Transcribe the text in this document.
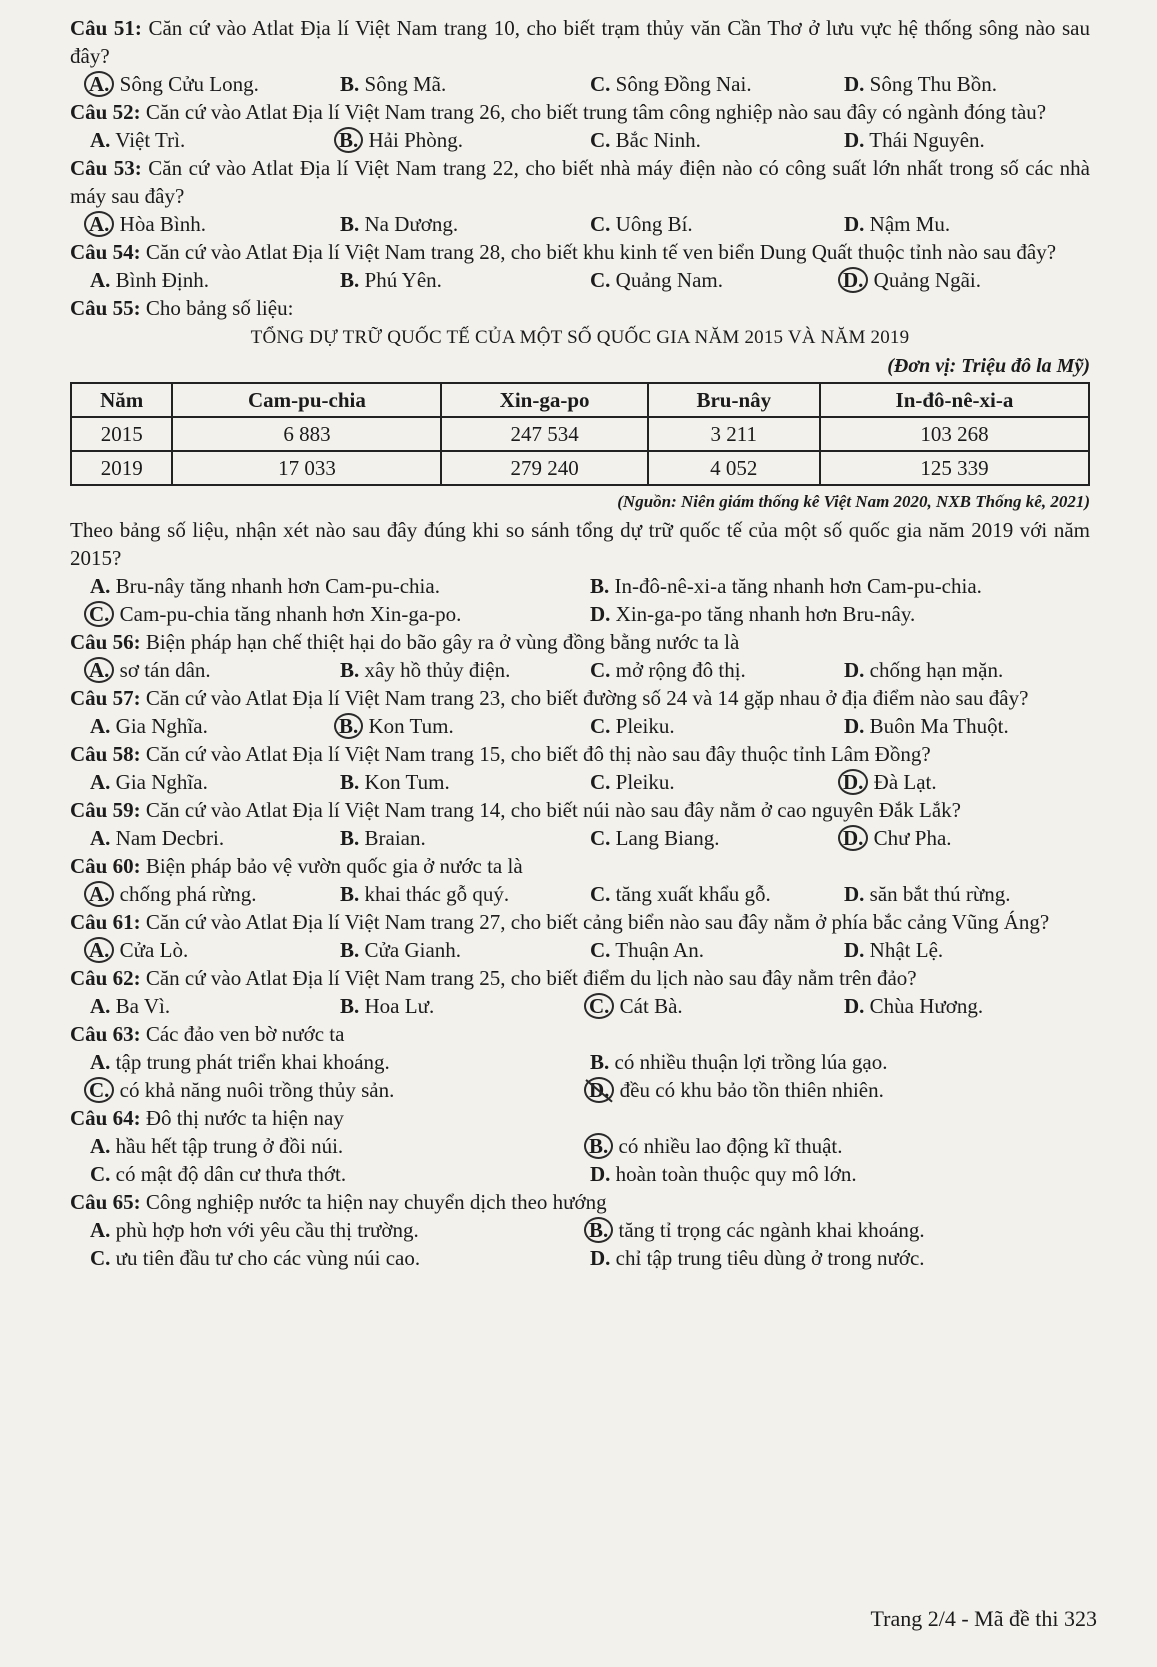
Câu 51: Căn cứ vào Atlat Địa lí Việt Nam trang 10, cho biết trạm thủy văn Cần Thơ ở lưu vực hệ thống sông nào sau đây?
A. Sông Cửu Long.	B. Sông Mã.	C. Sông Đồng Nai.	D. Sông Thu Bồn.
Câu 52: Căn cứ vào Atlat Địa lí Việt Nam trang 26, cho biết trung tâm công nghiệp nào sau đây có ngành đóng tàu?
A. Việt Trì.	B. Hải Phòng.	C. Bắc Ninh.	D. Thái Nguyên.
Câu 53: Căn cứ vào Atlat Địa lí Việt Nam trang 22, cho biết nhà máy điện nào có công suất lớn nhất trong số các nhà máy sau đây?
A. Hòa Bình.	B. Na Dương.	C. Uông Bí.	D. Nậm Mu.
Câu 54: Căn cứ vào Atlat Địa lí Việt Nam trang 28, cho biết khu kinh tế ven biển Dung Quất thuộc tỉnh nào sau đây?
A. Bình Định.	B. Phú Yên.	C. Quảng Nam.	D. Quảng Ngãi.
Câu 55: Cho bảng số liệu:
TỔNG DỰ TRỮ QUỐC TẾ CỦA MỘT SỐ QUỐC GIA NĂM 2015 VÀ NĂM 2019
(Đơn vị: Triệu đô la Mỹ)
Năm	Cam-pu-chia	Xin-ga-po	Bru-nây	In-đô-nê-xi-a
2015	6 883	247 534	3 211	103 268
2019	17 033	279 240	4 052	125 339
(Nguồn: Niên giám thống kê Việt Nam 2020, NXB Thống kê, 2021)
Theo bảng số liệu, nhận xét nào sau đây đúng khi so sánh tổng dự trữ quốc tế của một số quốc gia năm 2019 với năm 2015?
A. Bru-nây tăng nhanh hơn Cam-pu-chia.	B. In-đô-nê-xi-a tăng nhanh hơn Cam-pu-chia.
C. Cam-pu-chia tăng nhanh hơn Xin-ga-po.	D. Xin-ga-po tăng nhanh hơn Bru-nây.
Câu 56: Biện pháp hạn chế thiệt hại do bão gây ra ở vùng đồng bằng nước ta là
A. sơ tán dân.	B. xây hồ thủy điện.	C. mở rộng đô thị.	D. chống hạn mặn.
Câu 57: Căn cứ vào Atlat Địa lí Việt Nam trang 23, cho biết đường số 24 và 14 gặp nhau ở địa điểm nào sau đây?
A. Gia Nghĩa.	B. Kon Tum.	C. Pleiku.	D. Buôn Ma Thuột.
Câu 58: Căn cứ vào Atlat Địa lí Việt Nam trang 15, cho biết đô thị nào sau đây thuộc tỉnh Lâm Đồng?
A. Gia Nghĩa.	B. Kon Tum.	C. Pleiku.	D. Đà Lạt.
Câu 59: Căn cứ vào Atlat Địa lí Việt Nam trang 14, cho biết núi nào sau đây nằm ở cao nguyên Đắk Lắk?
A. Nam Decbri.	B. Braian.	C. Lang Biang.	D. Chư Pha.
Câu 60: Biện pháp bảo vệ vườn quốc gia ở nước ta là
A. chống phá rừng.	B. khai thác gỗ quý.	C. tăng xuất khẩu gỗ.	D. săn bắt thú rừng.
Câu 61: Căn cứ vào Atlat Địa lí Việt Nam trang 27, cho biết cảng biển nào sau đây nằm ở phía bắc cảng Vũng Áng?
A. Cửa Lò.	B. Cửa Gianh.	C. Thuận An.	D. Nhật Lệ.
Câu 62: Căn cứ vào Atlat Địa lí Việt Nam trang 25, cho biết điểm du lịch nào sau đây nằm trên đảo?
A. Ba Vì.	B. Hoa Lư.	C. Cát Bà.	D. Chùa Hương.
Câu 63: Các đảo ven bờ nước ta
A. tập trung phát triển khai khoáng.	B. có nhiều thuận lợi trồng lúa gạo.
C. có khả năng nuôi trồng thủy sản.	D. đều có khu bảo tồn thiên nhiên.
Câu 64: Đô thị nước ta hiện nay
A. hầu hết tập trung ở đồi núi.	B. có nhiều lao động kĩ thuật.
C. có mật độ dân cư thưa thớt.	D. hoàn toàn thuộc quy mô lớn.
Câu 65: Công nghiệp nước ta hiện nay chuyển dịch theo hướng
A. phù hợp hơn với yêu cầu thị trường.	B. tăng tỉ trọng các ngành khai khoáng.
C. ưu tiên đầu tư cho các vùng núi cao.	D. chỉ tập trung tiêu dùng ở trong nước.
Trang 2/4 - Mã đề thi 323
